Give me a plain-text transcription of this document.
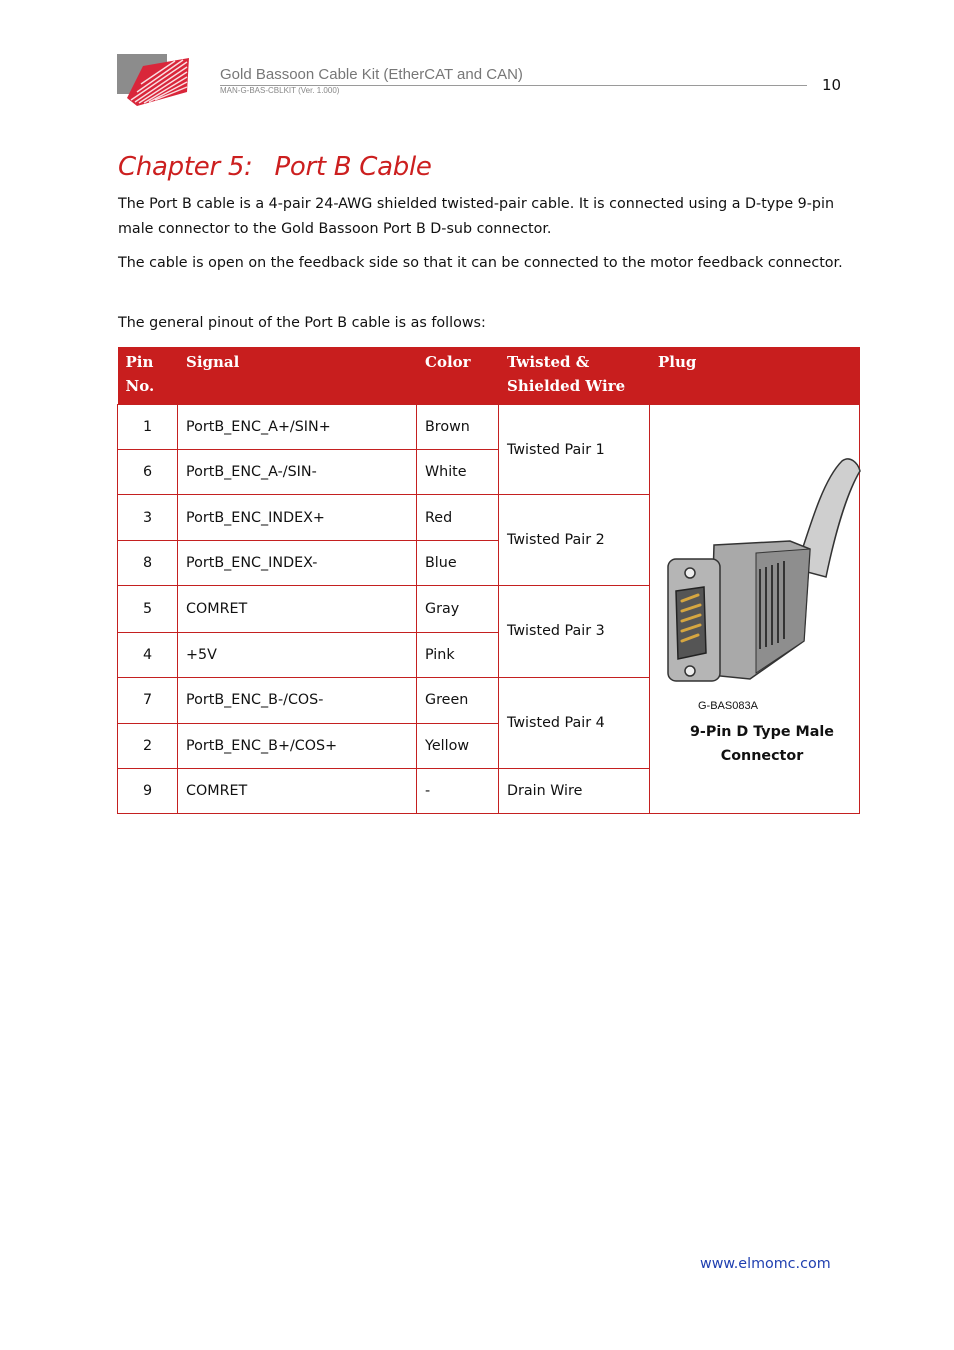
Gold Bassoon Cable Kit (EtherCAT and CAN)
MAN-G-BAS-CBLKIT (Ver. 1.000)	10
Chapter 5: Port B Cable

The Port B cable is a 4-pair 24-AWG shielded twisted-pair cable. It is connected using a D-type 9-pin male connector to the Gold Bassoon Port B D-sub connector.

The cable is open on the feedback side so that it can be connected to the motor feedback connector.

The general pinout of the Port B cable is as follows:

Pin No.	Signal	Color	Twisted & Shielded Wire	Plug
1	PortB_ENC_A+/SIN+	Brown	Twisted Pair 1	G-BAS083A
9-Pin D Type Male Connector

6	PortB_ENC_A-/SIN-	White		
3	PortB_ENC_INDEX+	Red	Twisted Pair 2	
8	PortB_ENC_INDEX-	Blue		
5	COMRET	Gray	Twisted Pair 3	
4	+5V	Pink		
7	PortB_ENC_B-/COS-	Green	Twisted Pair 4	
2	PortB_ENC_B+/COS+	Yellow		
9	COMRET	-	Drain Wire	
www.elmomc.com
